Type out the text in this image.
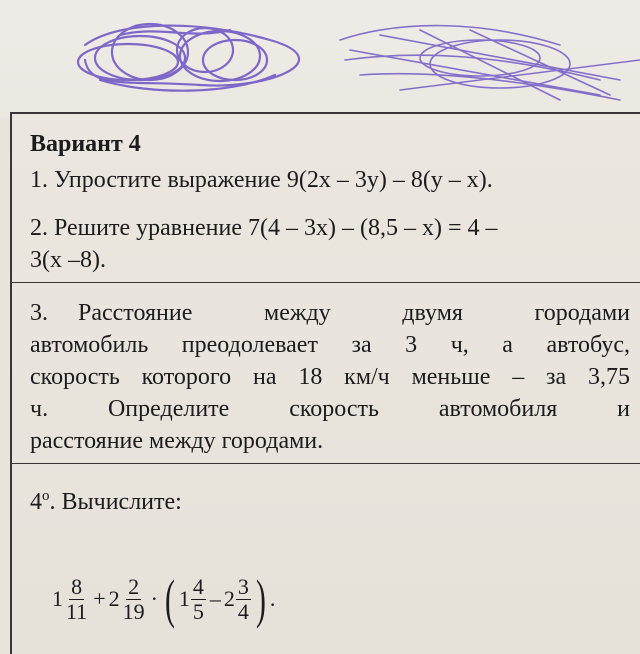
Вариант 4
1. Упростите выражение 9(2x – 3y) – 8(y – x).
2. Решите уравнение 7(4 – 3x) – (8,5 – x) = 4 –
3(x –8).
3. Расстояние между двумя городами
автомобиль преодолевает за 3 ч, а автобус,
скорость которого на 18 км/ч меньше – за 3,75
ч. Определите скорость автомобиля и
расстояние между городами.
4$^o$. Вычислите:
$1 \frac{8}{11} + 2 \frac{2}{19}$ · ( $1 \frac{4}{5} - 2 \frac{3}{4}$ ) .
